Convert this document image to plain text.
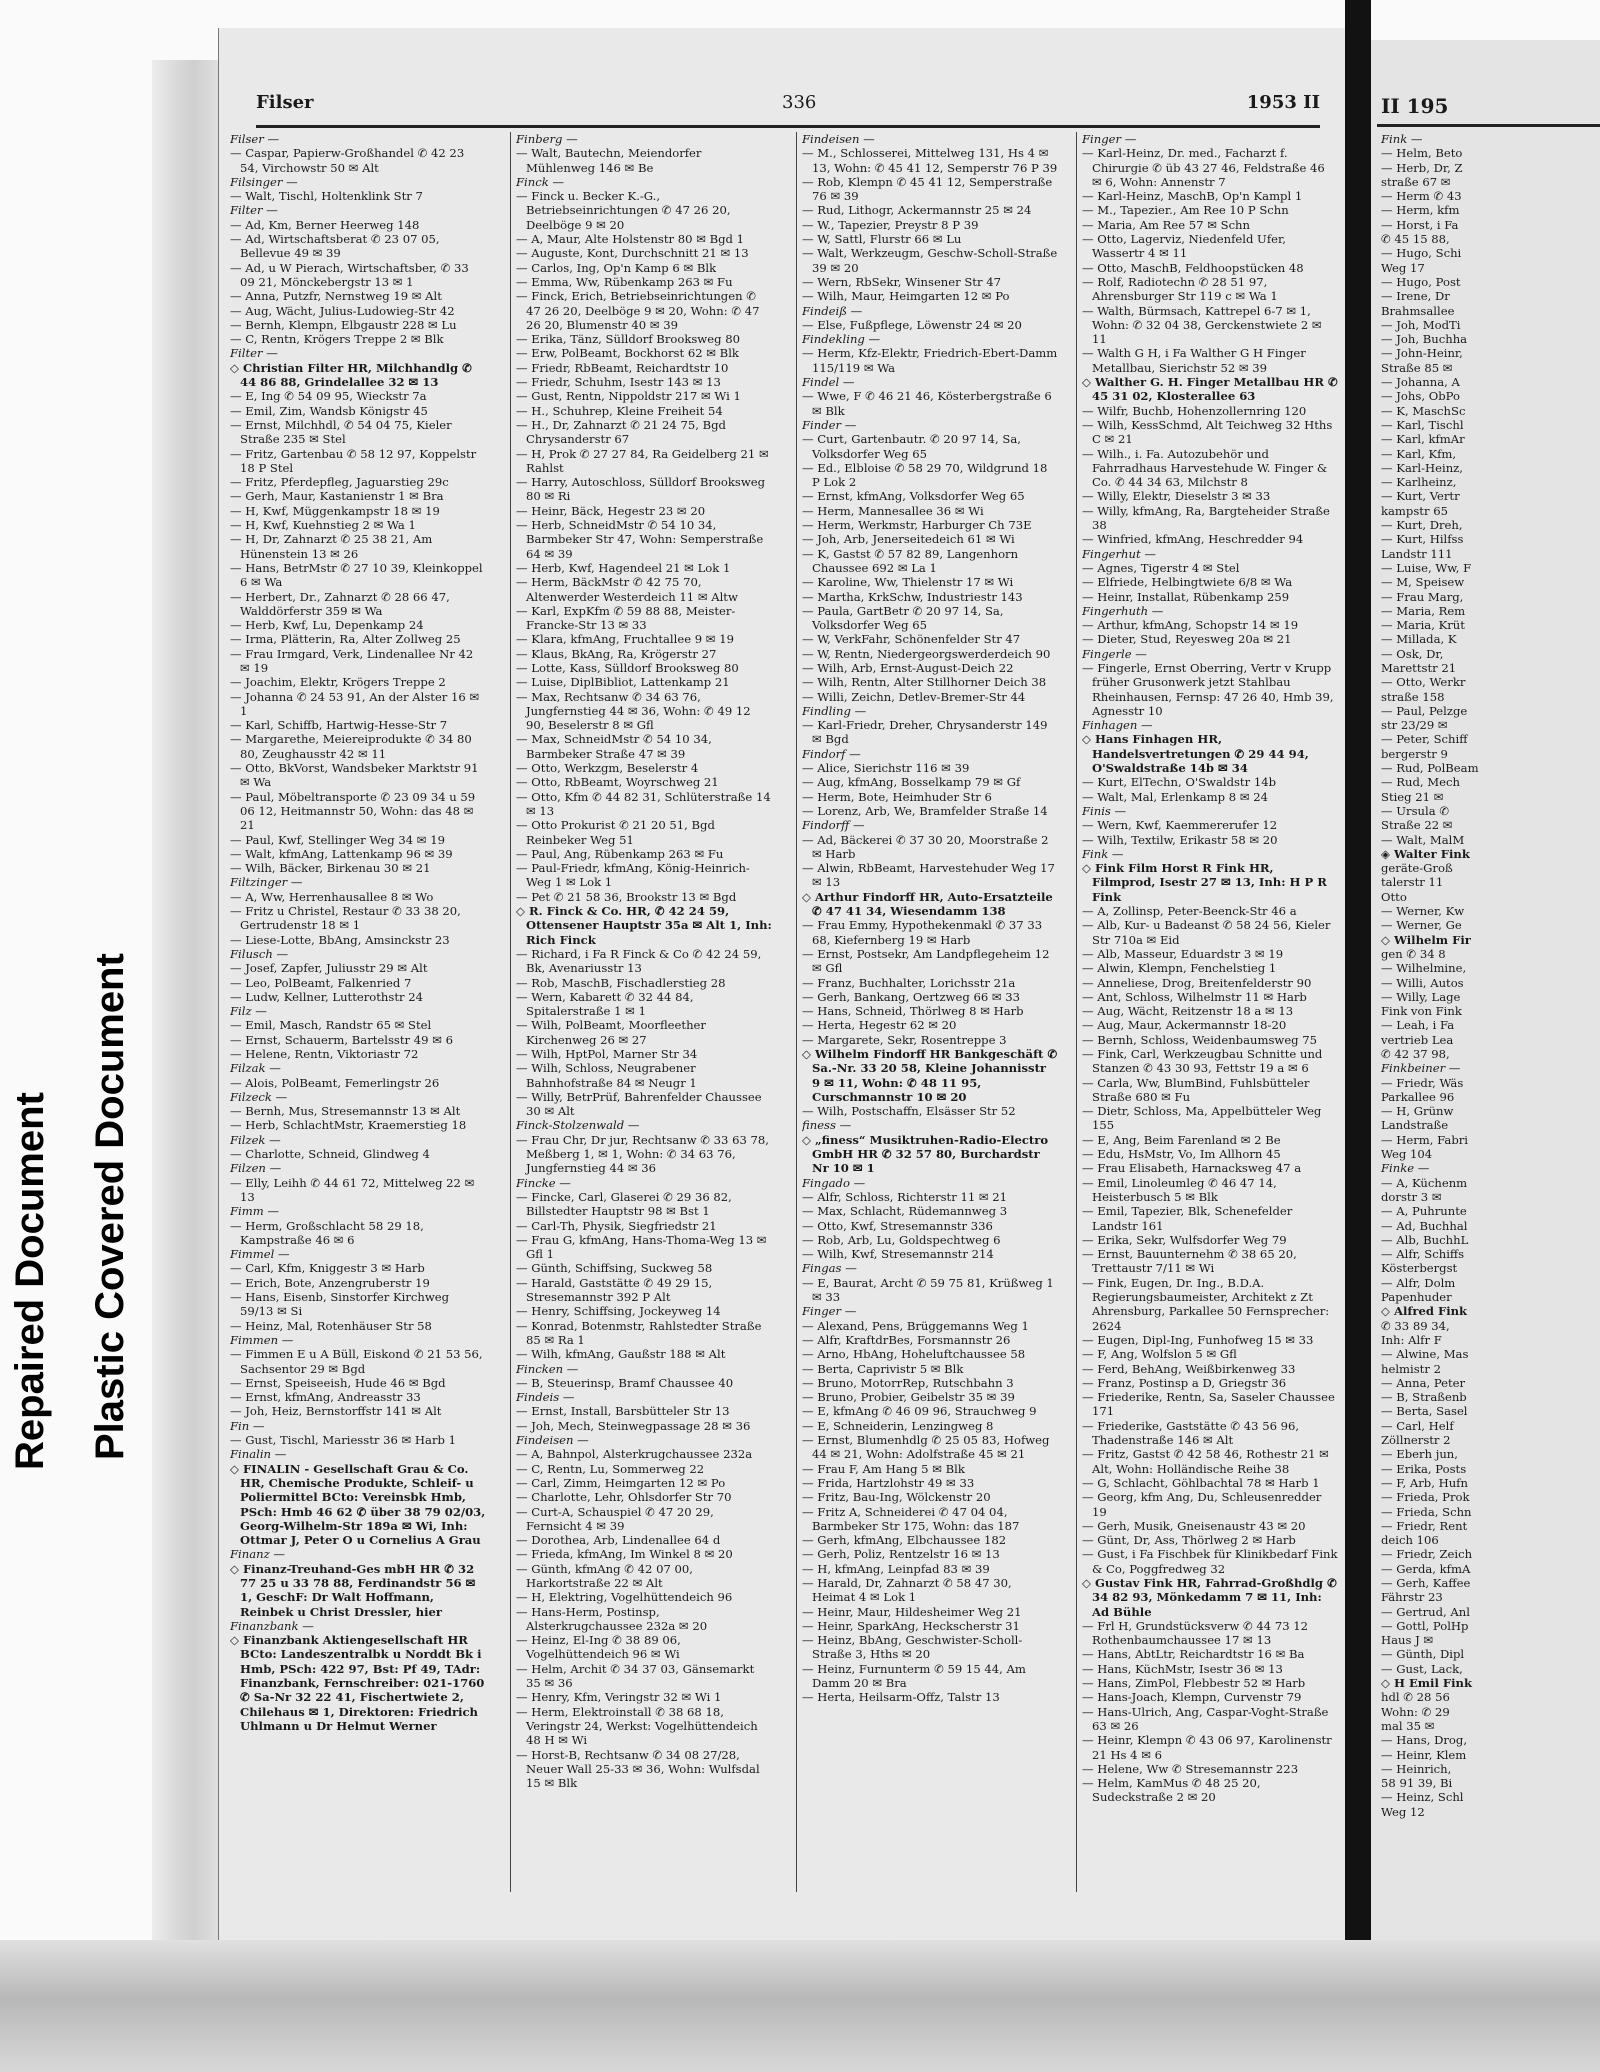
II 195
Fink —
— Helm, Beto
— Herb, Dr, Z
straße 67 ✉
— Herm ✆ 43
— Herm, kfm
— Horst, i Fa
✆ 45 15 88,
— Hugo, Schi
Weg 17
— Hugo, Post
— Irene, Dr
Brahmsallee
— Joh, ModTi
— Joh, Buchha
— John-Heinr,
Straße 85 ✉
— Johanna, A
— Johs, ObPo
— K, MaschSc
— Karl, Tischl
— Karl, kfmAr
— Karl, Kfm,
— Karl-Heinz,
— Karlheinz,
— Kurt, Vertr
kampstr 65
— Kurt, Dreh,
— Kurt, Hilfss
Landstr 111
— Luise, Ww, F
— M, Speisew
— Frau Marg,
— Maria, Rem
— Maria, Krüt
— Millada, K
— Osk, Dr,
Marettstr 21
— Otto, Werkr
straße 158
— Paul, Pelzge
str 23/29 ✉
— Peter, Schiff
bergerstr 9
— Rud, PolBeam
— Rud, Mech
Stieg 21 ✉
— Ursula ✆
Straße 22 ✉
— Walt, MalM
◈ Walter Fink
geräte-Groß
talerstr 11
Otto
— Werner, Kw
— Werner, Ge
◇ Wilhelm Fir
gen ✆ 34 8
— Wilhelmine,
— Willi, Autos
— Willy, Lage
Fink von Fink
— Leah, i Fa
vertrieb Lea
✆ 42 37 98,
Finkbeiner —
— Friedr, Wäs
Parkallee 96
— H, Grünw
Landstraße
— Herm, Fabri
Weg 104
Finke —
— A, Küchenm
dorstr 3 ✉
— A, Puhrunte
— Ad, Buchhal
— Alb, BuchhL
— Alfr, Schiffs
Kösterbergst
— Alfr, Dolm
Papenhuder
◇ Alfred Fink
✆ 33 89 34,
Inh: Alfr F
— Alwine, Mas
helmistr 2
— Anna, Peter
— B, Straßenb
— Berta, Sasel
— Carl, Helf
Zöllnerstr 2
— Eberh jun,
— Erika, Posts
— F, Arb, Hufn
— Frieda, Prok
— Frieda, Schn
— Friedr, Rent
deich 106
— Friedr, Zeich
— Gerda, kfmA
— Gerh, Kaffee
Fährstr 23
— Gertrud, Anl
— Gottl, PolHp
Haus J ✉
— Günth, Dipl
— Gust, Lack,
◇ H Emil Fink
hdl ✆ 28 56
Wohn: ✆ 29
mal 35 ✉
— Hans, Drog,
— Heinr, Klem
— Heinrich,
58 91 39, Bi
— Heinz, Schl
Weg 12
Repaired Document Plastic Covered Document
Filser	336	1953 II
Filser —
— Caspar, Papierw-Großhandel ✆ 42 23 54, Virchowstr 50 ✉ Alt
Filsinger —
— Walt, Tischl, Holtenklink Str 7
Filter —
— Ad, Km, Berner Heerweg 148
— Ad, Wirtschaftsberat ✆ 23 07 05, Bellevue 49 ✉ 39
— Ad, u W Pierach, Wirtschaftsber, ✆ 33 09 21, Mönckebergstr 13 ✉ 1
— Anna, Putzfr, Nernstweg 19 ✉ Alt
— Aug, Wächt, Julius-Ludowieg-Str 42
— Bernh, Klempn, Elbgaustr 228 ✉ Lu
— C, Rentn, Krögers Treppe 2 ✉ Blk
Filter —
◇ Christian Filter HR, Milchhandlg ✆ 44 86 88, Grindelallee 32 ✉ 13
— E, Ing ✆ 54 09 95, Wieckstr 7a
— Emil, Zim, Wandsb Königstr 45
— Ernst, Milchhdl, ✆ 54 04 75, Kieler Straße 235 ✉ Stel
— Fritz, Gartenbau ✆ 58 12 97, Koppelstr 18 P Stel
— Fritz, Pferdepfleg, Jaguarstieg 29c
— Gerh, Maur, Kastanienstr 1 ✉ Bra
— H, Kwf, Müggenkampstr 18 ✉ 19
— H, Kwf, Kuehnstieg 2 ✉ Wa 1
— H, Dr, Zahnarzt ✆ 25 38 21, Am Hünenstein 13 ✉ 26
— Hans, BetrMstr ✆ 27 10 39, Kleinkoppel 6 ✉ Wa
— Herbert, Dr., Zahnarzt ✆ 28 66 47, Walddörferstr 359 ✉ Wa
— Herb, Kwf, Lu, Depenkamp 24
— Irma, Plätterin, Ra, Alter Zollweg 25
— Frau Irmgard, Verk, Lindenallee Nr 42 ✉ 19
— Joachim, Elektr, Krögers Treppe 2
— Johanna ✆ 24 53 91, An der Alster 16 ✉ 1
— Karl, Schiffb, Hartwig-Hesse-Str 7
— Margarethe, Meiereiprodukte ✆ 34 80 80, Zeughausstr 42 ✉ 11
— Otto, BkVorst, Wandsbeker Marktstr 91 ✉ Wa
— Paul, Möbeltransporte ✆ 23 09 34 u 59 06 12, Heitmannstr 50, Wohn: das 48 ✉ 21
— Paul, Kwf, Stellinger Weg 34 ✉ 19
— Walt, kfmAng, Lattenkamp 96 ✉ 39
— Wilh, Bäcker, Birkenau 30 ✉ 21
Filtzinger —
— A, Ww, Herrenhausallee 8 ✉ Wo
— Fritz u Christel, Restaur ✆ 33 38 20, Gertrudenstr 18 ✉ 1
— Liese-Lotte, BbAng, Amsinckstr 23
Filusch —
— Josef, Zapfer, Juliusstr 29 ✉ Alt
— Leo, PolBeamt, Falkenried 7
— Ludw, Kellner, Lutterothstr 24
Filz —
— Emil, Masch, Randstr 65 ✉ Stel
— Ernst, Schauerm, Bartelsstr 49 ✉ 6
— Helene, Rentn, Viktoriastr 72
Filzak —
— Alois, PolBeamt, Femerlingstr 26
Filzeck —
— Bernh, Mus, Stresemannstr 13 ✉ Alt
— Herb, SchlachtMstr, Kraemerstieg 18
Filzek —
— Charlotte, Schneid, Glindweg 4
Filzen —
— Elly, Leihh ✆ 44 61 72, Mittelweg 22 ✉ 13
Fimm —
— Herm, Großschlacht 58 29 18, Kampstraße 46 ✉ 6
Fimmel —
— Carl, Kfm, Kniggestr 3 ✉ Harb
— Erich, Bote, Anzengruberstr 19
— Hans, Eisenb, Sinstorfer Kirchweg 59/13 ✉ Si
— Heinz, Mal, Rotenhäuser Str 58
Fimmen —
— Fimmen E u A Büll, Eiskond ✆ 21 53 56, Sachsentor 29 ✉ Bgd
— Ernst, Speiseeish, Hude 46 ✉ Bgd
— Ernst, kfmAng, Andreasstr 33
— Joh, Heiz, Bernstorffstr 141 ✉ Alt
Fin —
— Gust, Tischl, Mariesstr 36 ✉ Harb 1
Finalin —
◇ FINALIN - Gesellschaft Grau & Co. HR, Chemische Produkte, Schleif- u Poliermittel BCto: Vereinsbk Hmb, PSch: Hmb 46 62 ✆ über 38 79 02/03, Georg-Wilhelm-Str 189a ✉ Wi, Inh: Ottmar J, Peter O u Cornelius A Grau
Finanz —
◇ Finanz-Treuhand-Ges mbH HR ✆ 32 77 25 u 33 78 88, Ferdinandstr 56 ✉ 1, GeschF: Dr Walt Hoffmann, Reinbek u Christ Dressler, hier
Finanzbank —
◇ Finanzbank Aktiengesellschaft HR BCto: Landeszentralbk u Norddt Bk i Hmb, PSch: 422 97, Bst: Pf 49, TAdr: Finanzbank, Fernschreiber: 021-1760 ✆ Sa-Nr 32 22 41, Fischertwiete 2, Chilehaus ✉ 1, Direktoren: Friedrich Uhlmann u Dr Helmut Werner
Finberg —
— Walt, Bautechn, Meiendorfer Mühlenweg 146 ✉ Be
Finck —
— Finck u. Becker K.-G., Betriebseinrichtungen ✆ 47 26 20, Deelböge 9 ✉ 20
— A, Maur, Alte Holstenstr 80 ✉ Bgd 1
— Auguste, Kont, Durchschnitt 21 ✉ 13
— Carlos, Ing, Op'n Kamp 6 ✉ Blk
— Emma, Ww, Rübenkamp 263 ✉ Fu
— Finck, Erich, Betriebseinrichtungen ✆ 47 26 20, Deelböge 9 ✉ 20, Wohn: ✆ 47 26 20, Blumenstr 40 ✉ 39
— Erika, Tänz, Sülldorf Brooksweg 80
— Erw, PolBeamt, Bockhorst 62 ✉ Blk
— Friedr, RbBeamt, Reichardtstr 10
— Friedr, Schuhm, Isestr 143 ✉ 13
— Gust, Rentn, Nippoldstr 217 ✉ Wi 1
— H., Schuhrep, Kleine Freiheit 54
— H., Dr, Zahnarzt ✆ 21 24 75, Bgd Chrysanderstr 67
— H, Prok ✆ 27 27 84, Ra Geidelberg 21 ✉ Rahlst
— Harry, Autoschloss, Sülldorf Brooksweg 80 ✉ Ri
— Heinr, Bäck, Hegestr 23 ✉ 20
— Herb, SchneidMstr ✆ 54 10 34, Barmbeker Str 47, Wohn: Semperstraße 64 ✉ 39
— Herb, Kwf, Hagendeel 21 ✉ Lok 1
— Herm, BäckMstr ✆ 42 75 70, Altenwerder Westerdeich 11 ✉ Altw
— Karl, ExpKfm ✆ 59 88 88, Meister-Francke-Str 13 ✉ 33
— Klara, kfmAng, Fruchtallee 9 ✉ 19
— Klaus, BkAng, Ra, Krögerstr 27
— Lotte, Kass, Sülldorf Brooksweg 80
— Luise, DiplBibliot, Lattenkamp 21
— Max, Rechtsanw ✆ 34 63 76, Jungfernstieg 44 ✉ 36, Wohn: ✆ 49 12 90, Beselerstr 8 ✉ Gfl
— Max, SchneidMstr ✆ 54 10 34, Barmbeker Straße 47 ✉ 39
— Otto, Werkzgm, Beselerstr 4
— Otto, RbBeamt, Woyrschweg 21
— Otto, Kfm ✆ 44 82 31, Schlüterstraße 14 ✉ 13
— Otto Prokurist ✆ 21 20 51, Bgd Reinbeker Weg 51
— Paul, Ang, Rübenkamp 263 ✉ Fu
— Paul-Friedr, kfmAng, König-Heinrich-Weg 1 ✉ Lok 1
— Pet ✆ 21 58 36, Brookstr 13 ✉ Bgd
◇ R. Finck & Co. HR, ✆ 42 24 59, Ottensener Hauptstr 35a ✉ Alt 1, Inh: Rich Finck
— Richard, i Fa R Finck & Co ✆ 42 24 59, Bk, Avenariusstr 13
— Rob, MaschB, Fischadlerstieg 28
— Wern, Kabarett ✆ 32 44 84, Spitalerstraße 1 ✉ 1
— Wilh, PolBeamt, Moorfleether Kirchenweg 26 ✉ 27
— Wilh, HptPol, Marner Str 34
— Wilh, Schloss, Neugrabener Bahnhofstraße 84 ✉ Neugr 1
— Willy, BetrPrüf, Bahrenfelder Chaussee 30 ✉ Alt
Finck-Stolzenwald —
— Frau Chr, Dr jur, Rechtsanw ✆ 33 63 78, Meßberg 1, ✉ 1, Wohn: ✆ 34 63 76, Jungfernstieg 44 ✉ 36
Fincke —
— Fincke, Carl, Glaserei ✆ 29 36 82, Billstedter Hauptstr 98 ✉ Bst 1
— Carl-Th, Physik, Siegfriedstr 21
— Frau G, kfmAng, Hans-Thoma-Weg 13 ✉ Gfl 1
— Günth, Schiffsing, Suckweg 58
— Harald, Gaststätte ✆ 49 29 15, Stresemannstr 392 P Alt
— Henry, Schiffsing, Jockeyweg 14
— Konrad, Botenmstr, Rahlstedter Straße 85 ✉ Ra 1
— Wilh, kfmAng, Gaußstr 188 ✉ Alt
Fincken —
— B, Steuerinsp, Bramf Chaussee 40
Findeis —
— Ernst, Install, Barsbütteler Str 13
— Joh, Mech, Steinwegpassage 28 ✉ 36
Findeisen —
— A, Bahnpol, Alsterkrugchaussee 232a
— C, Rentn, Lu, Sommerweg 22
— Carl, Zimm, Heimgarten 12 ✉ Po
— Charlotte, Lehr, Ohlsdorfer Str 70
— Curt-A, Schauspiel ✆ 47 20 29, Fernsicht 4 ✉ 39
— Dorothea, Arb, Lindenallee 64 d
— Frieda, kfmAng, Im Winkel 8 ✉ 20
— Günth, kfmAng ✆ 42 07 00, Harkortstraße 22 ✉ Alt
— H, Elektring, Vogelhüttendeich 96
— Hans-Herm, Postinsp, Alsterkrugchaussee 232a ✉ 20
— Heinz, El-Ing ✆ 38 89 06, Vogelhüttendeich 96 ✉ Wi
— Helm, Archit ✆ 34 37 03, Gänsemarkt 35 ✉ 36
— Henry, Kfm, Veringstr 32 ✉ Wi 1
— Herm, Elektroinstall ✆ 38 68 18, Veringstr 24, Werkst: Vogelhüttendeich 48 H ✉ Wi
— Horst-B, Rechtsanw ✆ 34 08 27/28, Neuer Wall 25-33 ✉ 36, Wohn: Wulfsdal 15 ✉ Blk
Findeisen —
— M., Schlosserei, Mittelweg 131, Hs 4 ✉ 13, Wohn: ✆ 45 41 12, Semperstr 76 P 39
— Rob, Klempn ✆ 45 41 12, Semperstraße 76 ✉ 39
— Rud, Lithogr, Ackermannstr 25 ✉ 24
— W., Tapezier, Preystr 8 P 39
— W, Sattl, Flurstr 66 ✉ Lu
— Walt, Werkzeugm, Geschw-Scholl-Straße 39 ✉ 20
— Wern, RbSekr, Winsener Str 47
— Wilh, Maur, Heimgarten 12 ✉ Po
Findeiß —
— Else, Fußpflege, Löwenstr 24 ✉ 20
Findekling —
— Herm, Kfz-Elektr, Friedrich-Ebert-Damm 115/119 ✉ Wa
Findel —
— Wwe, F ✆ 46 21 46, Kösterbergstraße 6 ✉ Blk
Finder —
— Curt, Gartenbautr. ✆ 20 97 14, Sa, Volksdorfer Weg 65
— Ed., Elbloise ✆ 58 29 70, Wildgrund 18 P Lok 2
— Ernst, kfmAng, Volksdorfer Weg 65
— Herm, Mannesallee 36 ✉ Wi
— Herm, Werkmstr, Harburger Ch 73E
— Joh, Arb, Jenerseitedeich 61 ✉ Wi
— K, Gastst ✆ 57 82 89, Langenhorn Chaussee 692 ✉ La 1
— Karoline, Ww, Thielenstr 17 ✉ Wi
— Martha, KrkSchw, Industriestr 143
— Paula, GartBetr ✆ 20 97 14, Sa, Volksdorfer Weg 65
— W, VerkFahr, Schönenfelder Str 47
— W, Rentn, Niedergeorgswerderdeich 90
— Wilh, Arb, Ernst-August-Deich 22
— Wilh, Rentn, Alter Stillhorner Deich 38
— Willi, Zeichn, Detlev-Bremer-Str 44
Findling —
— Karl-Friedr, Dreher, Chrysanderstr 149 ✉ Bgd
Findorf —
— Alice, Sierichstr 116 ✉ 39
— Aug, kfmAng, Bosselkamp 79 ✉ Gf
— Herm, Bote, Heimhuder Str 6
— Lorenz, Arb, We, Bramfelder Straße 14
Findorff —
— Ad, Bäckerei ✆ 37 30 20, Moorstraße 2 ✉ Harb
— Alwin, RbBeamt, Harvestehuder Weg 17 ✉ 13
◇ Arthur Findorff HR, Auto-Ersatzteile ✆ 47 41 34, Wiesendamm 138
— Frau Emmy, Hypothekenmakl ✆ 37 33 68, Kiefernberg 19 ✉ Harb
— Ernst, Postsekr, Am Landpflegeheim 12 ✉ Gfl
— Franz, Buchhalter, Lorichsstr 21a
— Gerh, Bankang, Oertzweg 66 ✉ 33
— Hans, Schneid, Thörlweg 8 ✉ Harb
— Herta, Hegestr 62 ✉ 20
— Margarete, Sekr, Rosentreppe 3
◇ Wilhelm Findorff HR Bankgeschäft ✆ Sa.-Nr. 33 20 58, Kleine Johannisstr 9 ✉ 11, Wohn: ✆ 48 11 95, Curschmannstr 10 ✉ 20
— Wilh, Postschaffn, Elsässer Str 52
finess —
◇ „finess“ Musiktruhen-Radio-Electro GmbH HR ✆ 32 57 80, Burchardstr Nr 10 ✉ 1
Fingado —
— Alfr, Schloss, Richterstr 11 ✉ 21
— Max, Schlacht, Rüdemannweg 3
— Otto, Kwf, Stresemannstr 336
— Rob, Arb, Lu, Goldspechtweg 6
— Wilh, Kwf, Stresemannstr 214
Fingas —
— E, Baurat, Archt ✆ 59 75 81, Krüßweg 1 ✉ 33
Finger —
— Alexand, Pens, Brüggemanns Weg 1
— Alfr, KraftdrBes, Forsmannstr 26
— Arno, HbAng, Hoheluftchaussee 58
— Berta, Caprivistr 5 ✉ Blk
— Bruno, MotorrRep, Rutschbahn 3
— Bruno, Probier, Geibelstr 35 ✉ 39
— E, kfmAng ✆ 46 09 96, Strauchweg 9
— E, Schneiderin, Lenzingweg 8
— Ernst, Blumenhdlg ✆ 25 05 83, Hofweg 44 ✉ 21, Wohn: Adolfstraße 45 ✉ 21
— Frau F, Am Hang 5 ✉ Blk
— Frida, Hartzlohstr 49 ✉ 33
— Fritz, Bau-Ing, Wölckenstr 20
— Fritz A, Schneiderei ✆ 47 04 04, Barmbeker Str 175, Wohn: das 187
— Gerh, kfmAng, Elbchaussee 182
— Gerh, Poliz, Rentzelstr 16 ✉ 13
— H, kfmAng, Leinpfad 83 ✉ 39
— Harald, Dr, Zahnarzt ✆ 58 47 30, Heimat 4 ✉ Lok 1
— Heinr, Maur, Hildesheimer Weg 21
— Heinr, SparkAng, Heckscherstr 31
— Heinz, BbAng, Geschwister-Scholl-Straße 3, Hths ✉ 20
— Heinz, Furnunterm ✆ 59 15 44, Am Damm 20 ✉ Bra
— Herta, Heilsarm-Offz, Talstr 13
Finger —
— Karl-Heinz, Dr. med., Facharzt f. Chirurgie ✆ üb 43 27 46, Feldstraße 46 ✉ 6, Wohn: Annenstr 7
— Karl-Heinz, MaschB, Op'n Kampl 1
— M., Tapezier., Am Ree 10 P Schn
— Maria, Am Ree 57 ✉ Schn
— Otto, Lagerviz, Niedenfeld Ufer, Wassertr 4 ✉ 11
— Otto, MaschB, Feldhoopstücken 48
— Rolf, Radiotechn ✆ 28 51 97, Ahrensburger Str 119 c ✉ Wa 1
— Walth, Bürmsach, Kattrepel 6-7 ✉ 1, Wohn: ✆ 32 04 38, Gerckenstwiete 2 ✉ 11
— Walth G H, i Fa Walther G H Finger Metallbau, Sierichstr 52 ✉ 39
◇ Walther G. H. Finger Metallbau HR ✆ 45 31 02, Klosterallee 63
— Wilfr, Buchb, Hohenzollernring 120
— Wilh, KessSchmd, Alt Teichweg 32 Hths C ✉ 21
— Wilh., i. Fa. Autozubehör und Fahrradhaus Harvestehude W. Finger & Co. ✆ 44 34 63, Milchstr 8
— Willy, Elektr, Dieselstr 3 ✉ 33
— Willy, kfmAng, Ra, Bargteheider Straße 38
— Winfried, kfmAng, Heschredder 94
Fingerhut —
— Agnes, Tigerstr 4 ✉ Stel
— Elfriede, Helbingtwiete 6/8 ✉ Wa
— Heinr, Installat, Rübenkamp 259
Fingerhuth —
— Arthur, kfmAng, Schopstr 14 ✉ 19
— Dieter, Stud, Reyesweg 20a ✉ 21
Fingerle —
— Fingerle, Ernst Oberring, Vertr v Krupp früher Grusonwerk jetzt Stahlbau Rheinhausen, Fernsp: 47 26 40, Hmb 39, Agnesstr 10
Finhagen —
◇ Hans Finhagen HR, Handelsvertretungen ✆ 29 44 94, O'Swaldstraße 14b ✉ 34
— Kurt, ElTechn, O'Swaldstr 14b
— Walt, Mal, Erlenkamp 8 ✉ 24
Finis —
— Wern, Kwf, Kaemmererufer 12
— Wilh, Textilw, Erikastr 58 ✉ 20
Fink —
◇ Fink Film Horst R Fink HR, Filmprod, Isestr 27 ✉ 13, Inh: H P R Fink
— A, Zollinsp, Peter-Beenck-Str 46 a
— Alb, Kur- u Badeanst ✆ 58 24 56, Kieler Str 710a ✉ Eid
— Alb, Masseur, Eduardstr 3 ✉ 19
— Alwin, Klempn, Fenchelstieg 1
— Anneliese, Drog, Breitenfelderstr 90
— Ant, Schloss, Wilhelmstr 11 ✉ Harb
— Aug, Wächt, Reitzenstr 18 a ✉ 13
— Aug, Maur, Ackermannstr 18-20
— Bernh, Schloss, Weidenbaumsweg 75
— Fink, Carl, Werkzeugbau Schnitte und Stanzen ✆ 43 30 93, Fettstr 19 a ✉ 6
— Carla, Ww, BlumBind, Fuhlsbütteler Straße 680 ✉ Fu
— Dietr, Schloss, Ma, Appelbütteler Weg 155
— E, Ang, Beim Farenland ✉ 2 Be
— Edu, HsMstr, Vo, Im Allhorn 45
— Frau Elisabeth, Harnacksweg 47 a
— Emil, Linoleumleg ✆ 46 47 14, Heisterbusch 5 ✉ Blk
— Emil, Tapezier, Blk, Schenefelder Landstr 161
— Erika, Sekr, Wulfsdorfer Weg 79
— Ernst, Bauunternehm ✆ 38 65 20, Trettaustr 7/11 ✉ Wi
— Fink, Eugen, Dr. Ing., B.D.A. Regierungsbaumeister, Architekt z Zt Ahrensburg, Parkallee 50 Fernsprecher: 2624
— Eugen, Dipl-Ing, Funhofweg 15 ✉ 33
— F, Ang, Wolfslon 5 ✉ Gfl
— Ferd, BehAng, Weißbirkenweg 33
— Franz, Postinsp a D, Griegstr 36
— Friederike, Rentn, Sa, Saseler Chaussee 171
— Friederike, Gaststätte ✆ 43 56 96, Thadenstraße 146 ✉ Alt
— Fritz, Gastst ✆ 42 58 46, Rothestr 21 ✉ Alt, Wohn: Holländische Reihe 38
— G, Schlacht, Göhlbachtal 78 ✉ Harb 1
— Georg, kfm Ang, Du, Schleusenredder 19
— Gerh, Musik, Gneisenaustr 43 ✉ 20
— Günt, Dr, Ass, Thörlweg 2 ✉ Harb
— Gust, i Fa Fischbek für Klinikbedarf Fink & Co, Poggfredweg 32
◇ Gustav Fink HR, Fahrrad-Großhdlg ✆ 34 82 93, Mönkedamm 7 ✉ 11, Inh: Ad Bühle
— Frl H, Grundstücksverw ✆ 44 73 12 Rothenbaumchaussee 17 ✉ 13
— Hans, AbtLtr, Reichardtstr 16 ✉ Ba
— Hans, KüchMstr, Isestr 36 ✉ 13
— Hans, ZimPol, Flebbestr 52 ✉ Harb
— Hans-Joach, Klempn, Curvenstr 79
— Hans-Ulrich, Ang, Caspar-Voght-Straße 63 ✉ 26
— Heinr, Klempn ✆ 43 06 97, Karolinenstr 21 Hs 4 ✉ 6
— Helene, Ww ✆ Stresemannstr 223
— Helm, KamMus ✆ 48 25 20, Sudeckstraße 2 ✉ 20
